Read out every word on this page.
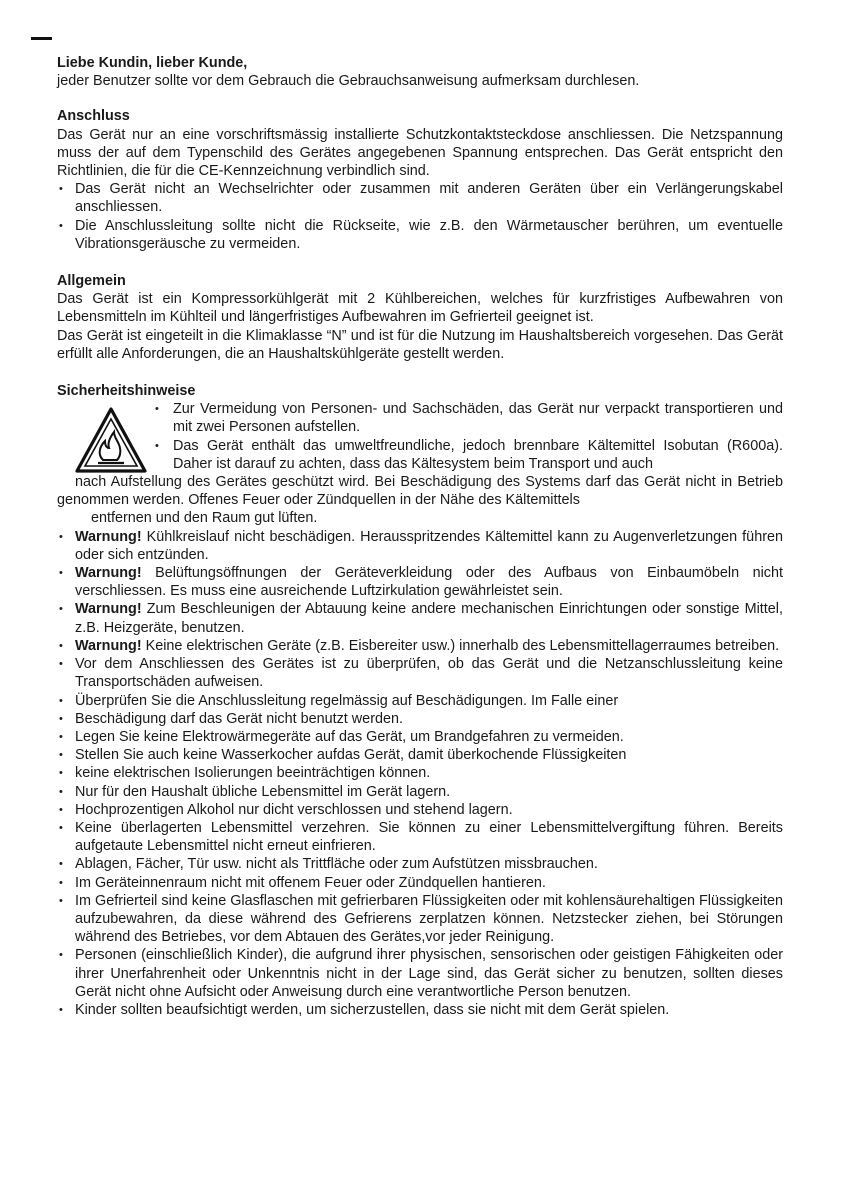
Liebe Kundin, lieber Kunde,

jeder Benutzer sollte vor dem Gebrauch die Gebrauchsanweisung aufmerksam durchlesen.

Anschluss

Das Gerät nur an eine vorschriftsmässig installierte Schutzkontaktsteckdose anschliessen. Die Netzspannung muss der auf dem Typenschild des Gerätes angegebenen Spannung entsprechen. Das Gerät entspricht den Richtlinien, die für die CE-Kennzeichnung verbindlich sind.

• Das Gerät nicht an Wechselrichter oder zusammen mit anderen Geräten über ein Verlängerungskabel anschliessen.
• Die Anschlussleitung sollte nicht die Rückseite, wie z.B. den Wärmetauscher berühren, um eventuelle Vibrationsgeräusche zu vermeiden.

Allgemein

Das Gerät ist ein Kompressorkühlgerät mit 2 Kühlbereichen, welches für kurzfristiges Aufbewahren von Lebensmitteln im Kühlteil und längerfristiges Aufbewahren im Gefrierteil geeignet ist.

Das Gerät ist eingeteilt in die Klimaklasse “N” und ist für die Nutzung im Haushaltsbereich vorgesehen. Das Gerät erfüllt alle Anforderungen, die an Haushaltskühlgeräte gestellt werden.

Sicherheitshinweise

• Zur Vermeidung von Personen- und Sachschäden, das Gerät nur verpackt transportieren und mit zwei Personen aufstellen.
• Das Gerät enthält das umweltfreundliche, jedoch brennbare Kältemittel Isobutan (R600a). Daher ist darauf zu achten, dass das Kältesystem beim Transport und auch

nach Aufstellung des Gerätes geschützt wird. Bei Beschädigung des Systems darf das Gerät nicht in Betrieb genommen werden. Offenes Feuer oder Zündquellen in der Nähe des Kältemittels

entfernen und den Raum gut lüften.

• Warnung! Kühlkreislauf nicht beschädigen. Herausspritzendes Kältemittel kann zu Augenverletzungen führen oder sich entzünden.
• Warnung! Belüftungsöffnungen der Geräteverkleidung oder des Aufbaus von Einbaumöbeln nicht verschliessen. Es muss eine ausreichende Luftzirkulation gewährleistet sein.
• Warnung! Zum Beschleunigen der Abtauung keine andere mechanischen Einrichtungen oder sonstige Mittel, z.B. Heizgeräte, benutzen.
• Warnung! Keine elektrischen Geräte (z.B. Eisbereiter usw.) innerhalb des Lebensmittellagerraumes betreiben.
• Vor dem Anschliessen des Gerätes ist zu überprüfen, ob das Gerät und die Netzanschlussleitung keine Transportschäden aufweisen.
• Überprüfen Sie die Anschlussleitung regelmässig auf Beschädigungen. Im Falle einer
• Beschädigung darf das Gerät nicht benutzt werden.
• Legen Sie keine Elektrowärmegeräte auf das Gerät, um Brandgefahren zu vermeiden.
• Stellen Sie auch keine Wasserkocher aufdas Gerät, damit überkochende Flüssigkeiten
• keine elektrischen Isolierungen beeinträchtigen können.
• Nur für den Haushalt übliche Lebensmittel im Gerät lagern.
• Hochprozentigen Alkohol nur dicht verschlossen und stehend lagern.
• Keine überlagerten Lebensmittel verzehren. Sie können zu einer Lebensmittelvergiftung führen. Bereits aufgetaute Lebensmittel nicht erneut einfrieren.
• Ablagen, Fächer, Tür usw. nicht als Trittfläche oder zum Aufstützen missbrauchen.
• Im Geräteinnenraum nicht mit offenem Feuer oder Zündquellen hantieren.
• Im Gefrierteil sind keine Glasflaschen mit gefrierbaren Flüssigkeiten oder mit kohlensäurehaltigen Flüssigkeiten aufzubewahren, da diese während des Gefrierens zerplatzen können. Netzstecker ziehen, bei Störungen während des Betriebes, vor dem Abtauen des Gerätes,vor jeder Reinigung.
• Personen (einschließlich Kinder), die aufgrund ihrer physischen, sensorischen oder geistigen Fähigkeiten oder ihrer Unerfahrenheit oder Unkenntnis nicht in der Lage sind, das Gerät sicher zu benutzen, sollten dieses Gerät nicht ohne Aufsicht oder Anweisung durch eine verantwortliche Person benutzen.
• Kinder sollten beaufsichtigt werden, um sicherzustellen, dass sie nicht mit dem Gerät spielen.
